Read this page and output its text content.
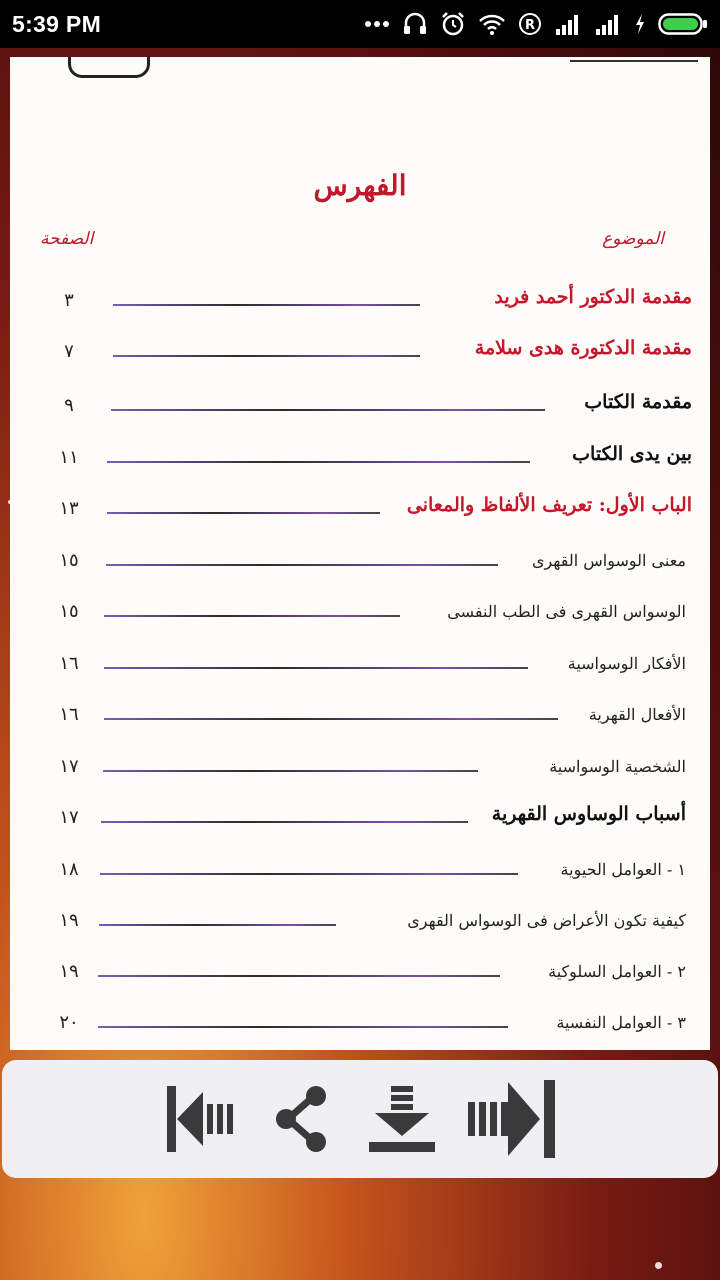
5:39 PM	R
الفهرس
الموضوع
الصفحة
٣	مقدمة الدكتور أحمد فريد
٧	مقدمة الدكتورة هدى سلامة
٩	مقدمة الكتاب
١١	بين يدى الكتاب
١٣	الباب الأول: تعريف الألفاظ والمعانى
١٥	معنى الوسواس القهرى
١٥	الوسواس القهرى فى الطب النفسى
١٦	الأفكار الوسواسية
١٦	الأفعال القهرية
١٧	الشخصية الوسواسية
١٧	أسباب الوساوس القهرية
١٨	١ - العوامل الحيوية
١٩	كيفية تكون الأعراض فى الوسواس القهرى
١٩	٢ - العوامل السلوكية
٢٠	٣ - العوامل النفسية
